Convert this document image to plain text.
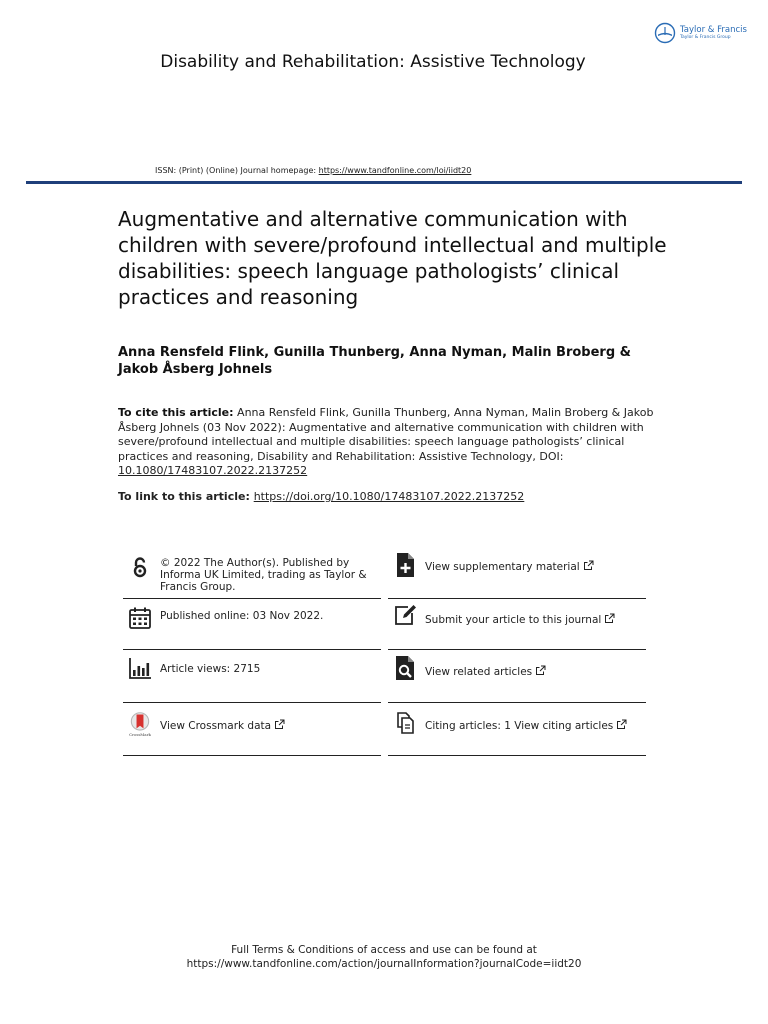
Taylor & Francis
Taylor & Francis Group
Disability and Rehabilitation: Assistive Technology
ISSN: (Print) (Online) Journal homepage: https://www.tandfonline.com/loi/iidt20
Augmentative and alternative communication with children with severe/profound intellectual and multiple disabilities: speech language pathologists’ clinical practices and reasoning

Anna Rensfeld Flink, Gunilla Thunberg, Anna Nyman, Malin Broberg & Jakob Åsberg Johnels

To cite this article: Anna Rensfeld Flink, Gunilla Thunberg, Anna Nyman, Malin Broberg & Jakob Åsberg Johnels (03 Nov 2022): Augmentative and alternative communication with children with severe/profound intellectual and multiple disabilities: speech language pathologists’ clinical practices and reasoning, Disability and Rehabilitation: Assistive Technology, DOI: 10.1080/17483107.2022.2137252
To link to this article: https://doi.org/10.1080/17483107.2022.2137252
© 2022 The Author(s). Published by Informa UK Limited, trading as Taylor & Francis Group.
Published online: 03 Nov 2022.
Article views: 2715
CrossMark
View Crossmark data
View supplementary material
Submit your article to this journal
View related articles
Citing articles: 1 View citing articles
Full Terms & Conditions of access and use can be found at
https://www.tandfonline.com/action/journalInformation?journalCode=iidt20
